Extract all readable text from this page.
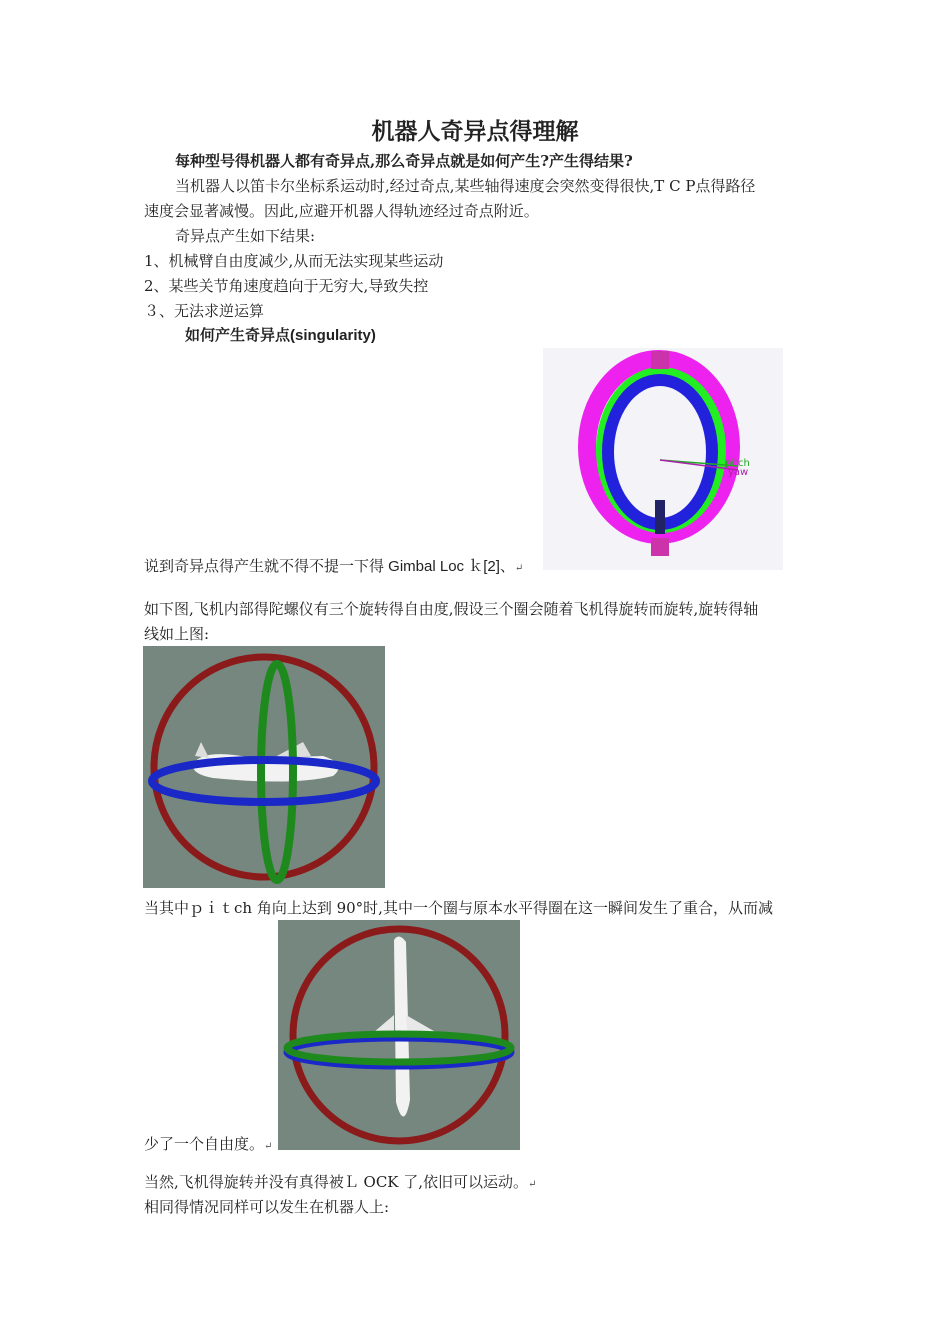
机器人奇异点得理解
每种型号得机器人都有奇异点,那么奇异点就是如何产生?产生得结果?
当机器人以笛卡尔坐标系运动时,经过奇点,某些轴得速度会突然变得很快,T C P点得路径
速度会显著减慢。因此,应避开机器人得轨迹经过奇点附近。
奇异点产生如下结果:
1、机械臂自由度减少,从而无法实现某些运动
2、某些关节角速度趋向于无穷大,导致失控
３、无法求逆运算
如何产生奇异点(singularity)
pitch
yaw
说到奇异点得产生就不得不提一下得 Gimbal Loc ｋ[2]、↵
如下图,飞机内部得陀螺仪有三个旋转得自由度,假设三个圈会随着飞机得旋转而旋转,旋转得轴
线如上图:
当其中ｐｉｔch 角向上达到 90°时,其中一个圈与原本水平得圈在这一瞬间发生了重合，从而减
少了一个自由度。↵
当然,飞机得旋转并没有真得被Ｌ OCK 了,依旧可以运动。↵
相同得情况同样可以发生在机器人上:
